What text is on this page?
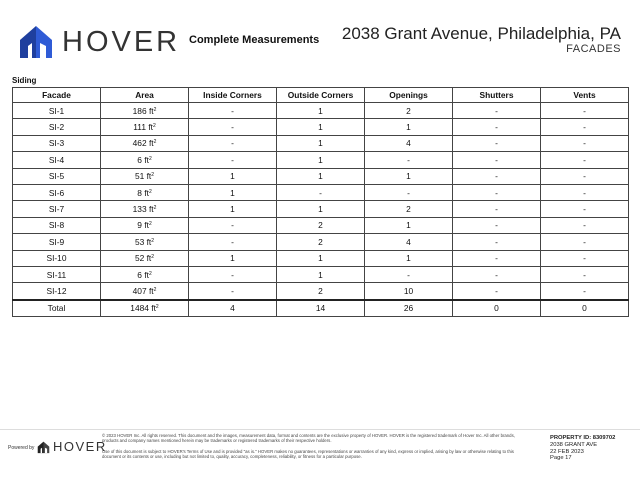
HOVER Complete Measurements 2038 Grant Avenue, Philadelphia, PA
FACADES
Siding
Facade	Area	Inside Corners	Outside Corners	Openings	Shutters	Vents
SI-1	186 $ft^2$	-	1	2	-	-
SI-2	111 $ft^2$	-	1	1	-	-
SI-3	462 $ft^2$	-	1	4	-	-
SI-4	6 $ft^2$	-	1	-	-	-
SI-5	51 $ft^2$	1	1	1	-	-
SI-6	8 $ft^2$	1	-	-	-	-
SI-7	133 $ft^2$	1	1	2	-	-
SI-8	9 $ft^2$	-	2	1	-	-
SI-9	53 $ft^2$	-	2	4	-	-
SI-10	52 $ft^2$	1	1	1	-	-
SI-11	6 $ft^2$	-	1	-	-	-
SI-12	407 $ft^2$	-	2	10	-	-
Total	1484 $ft^2$	4	14	26	0	0
Powered by HOVER

© 2023 HOVER Inc. All rights reserved. This document and the images, measurement data, format and contents are the exclusive property of HOVER. HOVER is the registered trademark of Hover Inc. All other brands, products and company names mentioned herein may be trademarks or registered trademarks of their respective holders.

Use of this document is subject to HOVER's Terms of Use and is provided "as is." HOVER makes no guarantees, representations or warranties of any kind, express or implied, arising by law or otherwise relating to this document or its contents or use, including but not limited to, quality, accuracy, completeness, reliability, or fitness for a particular purpose.

PROPERTY ID: 8309702
2038 GRANT AVE
22 FEB 2023
Page 17
